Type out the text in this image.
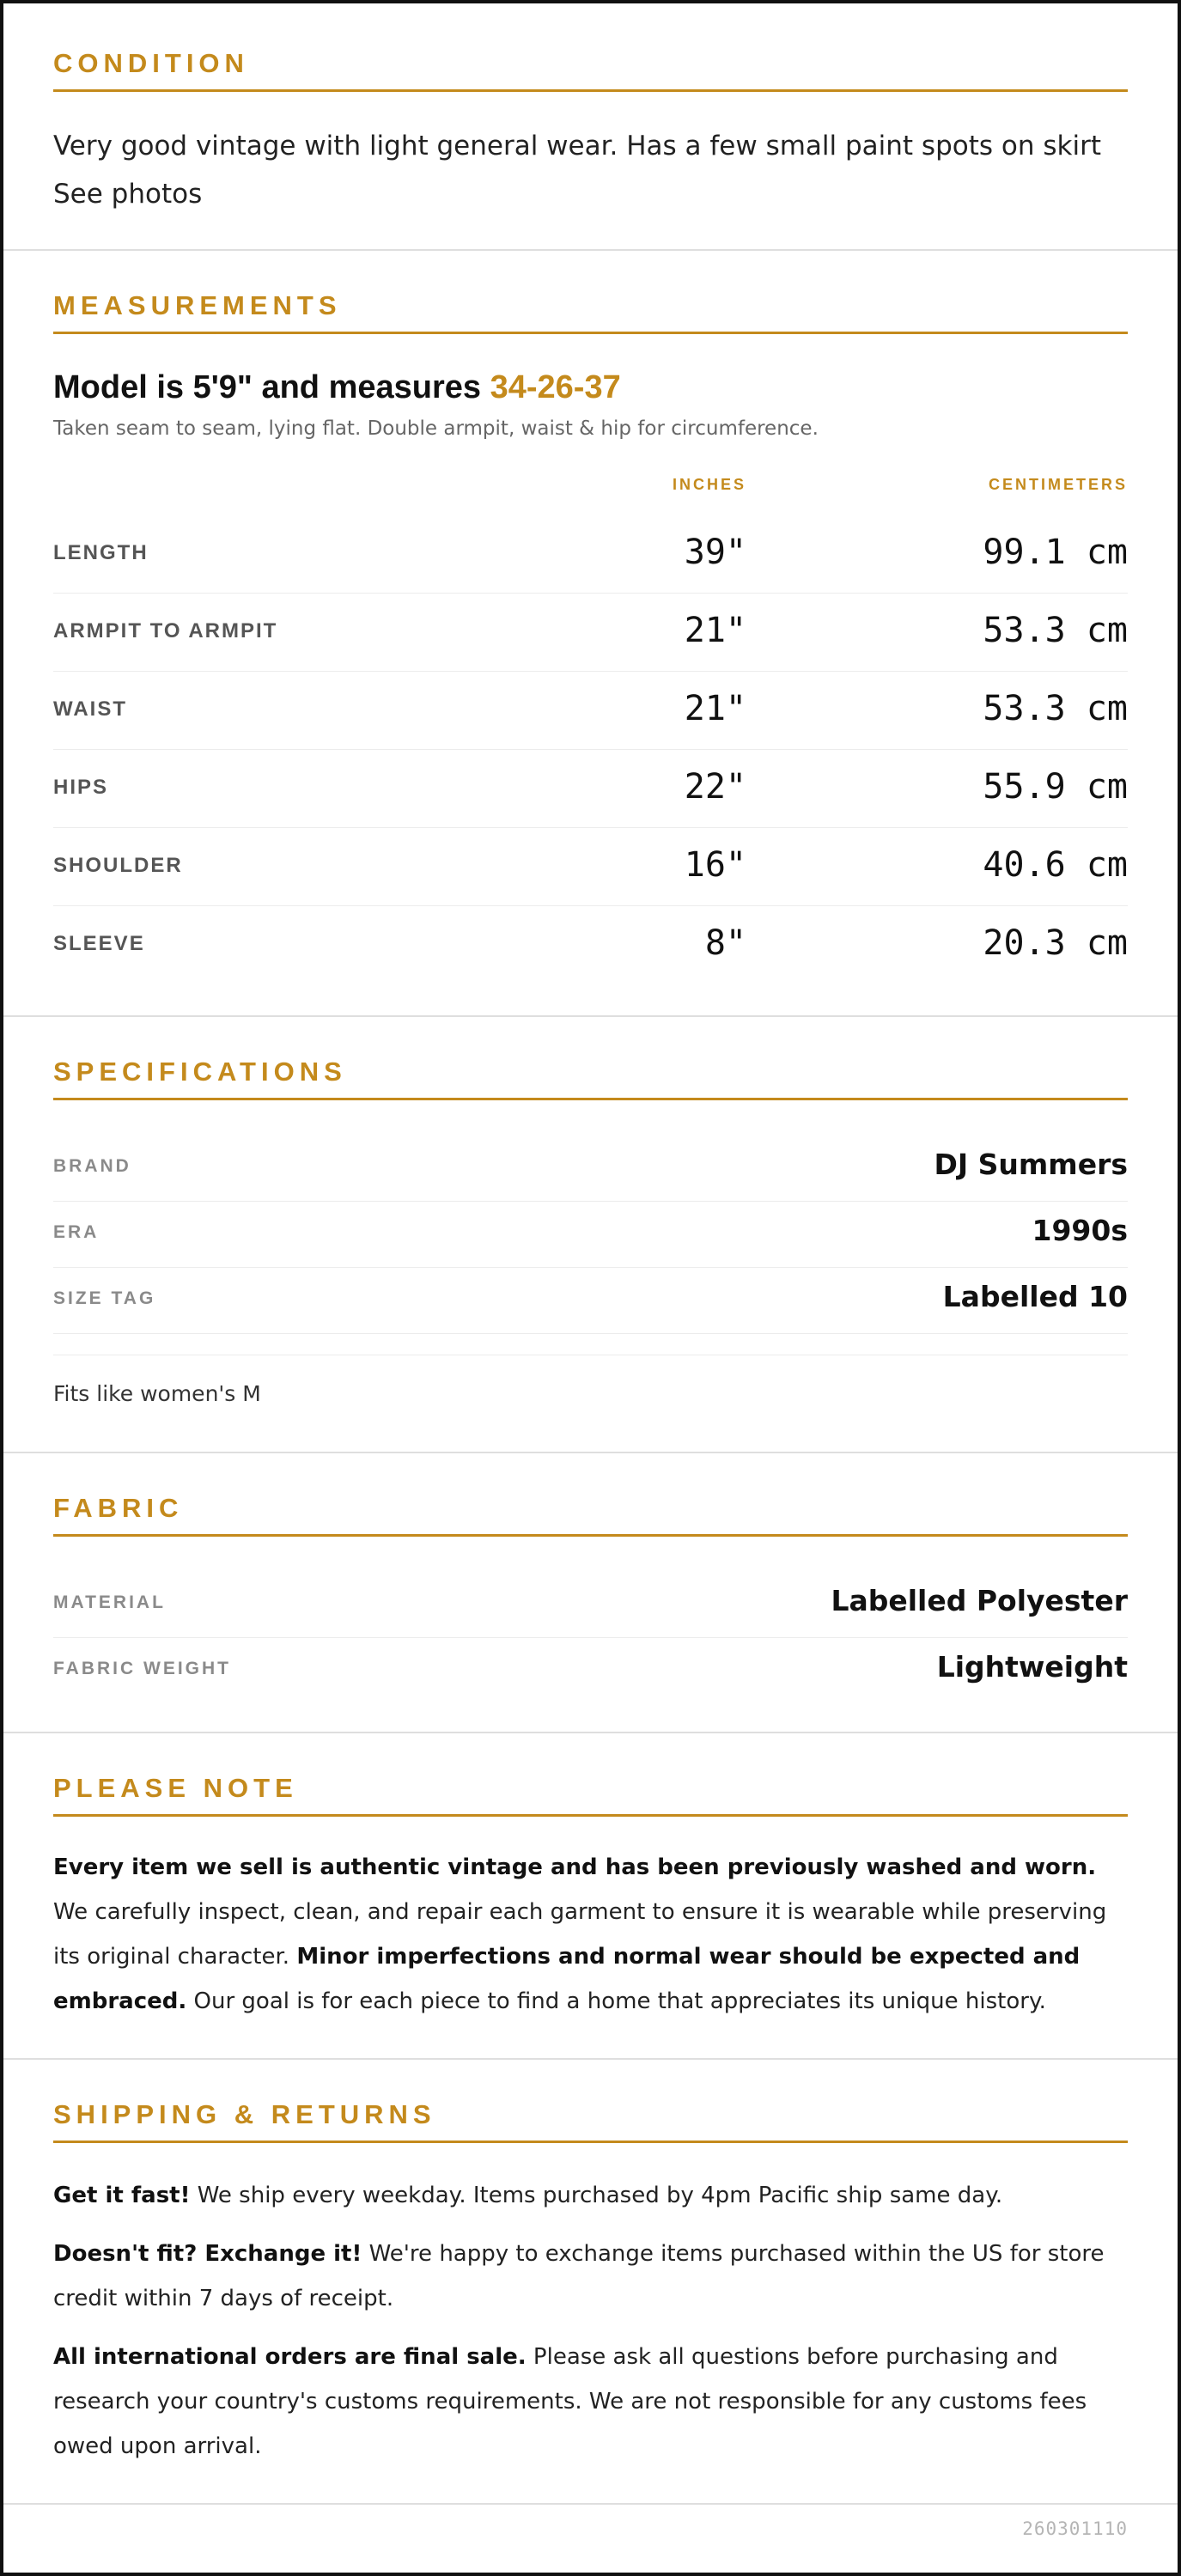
CONDITION
Very good vintage with light general wear. Has a few small paint spots on skirt See photos
MEASUREMENTS
Model is 5'9" and measures 34-26-37
Taken seam to seam, lying flat. Double armpit, waist & hip for circumference.
INCHES	CENTIMETERS
LENGTH	39"	99.1 cm
ARMPIT TO ARMPIT	21"	53.3 cm
WAIST	21"	53.3 cm
HIPS	22"	55.9 cm
SHOULDER	16"	40.6 cm
SLEEVE	8"	20.3 cm
SPECIFICATIONS
BRAND	DJ Summers
ERA	1990s
SIZE TAG	Labelled 10
Fits like women's M
FABRIC
MATERIAL	Labelled Polyester
FABRIC WEIGHT	Lightweight
PLEASE NOTE
Every item we sell is authentic vintage and has been previously washed and worn. We carefully inspect, clean, and repair each garment to ensure it is wearable while preserving its original character. Minor imperfections and normal wear should be expected and embraced. Our goal is for each piece to find a home that appreciates its unique history.
SHIPPING & RETURNS
Get it fast! We ship every weekday. Items purchased by 4pm Pacific ship same day.
Doesn't fit? Exchange it! We're happy to exchange items purchased within the US for store credit within 7 days of receipt.
All international orders are final sale. Please ask all questions before purchasing and research your country's customs requirements. We are not responsible for any customs fees owed upon arrival.
260301110
